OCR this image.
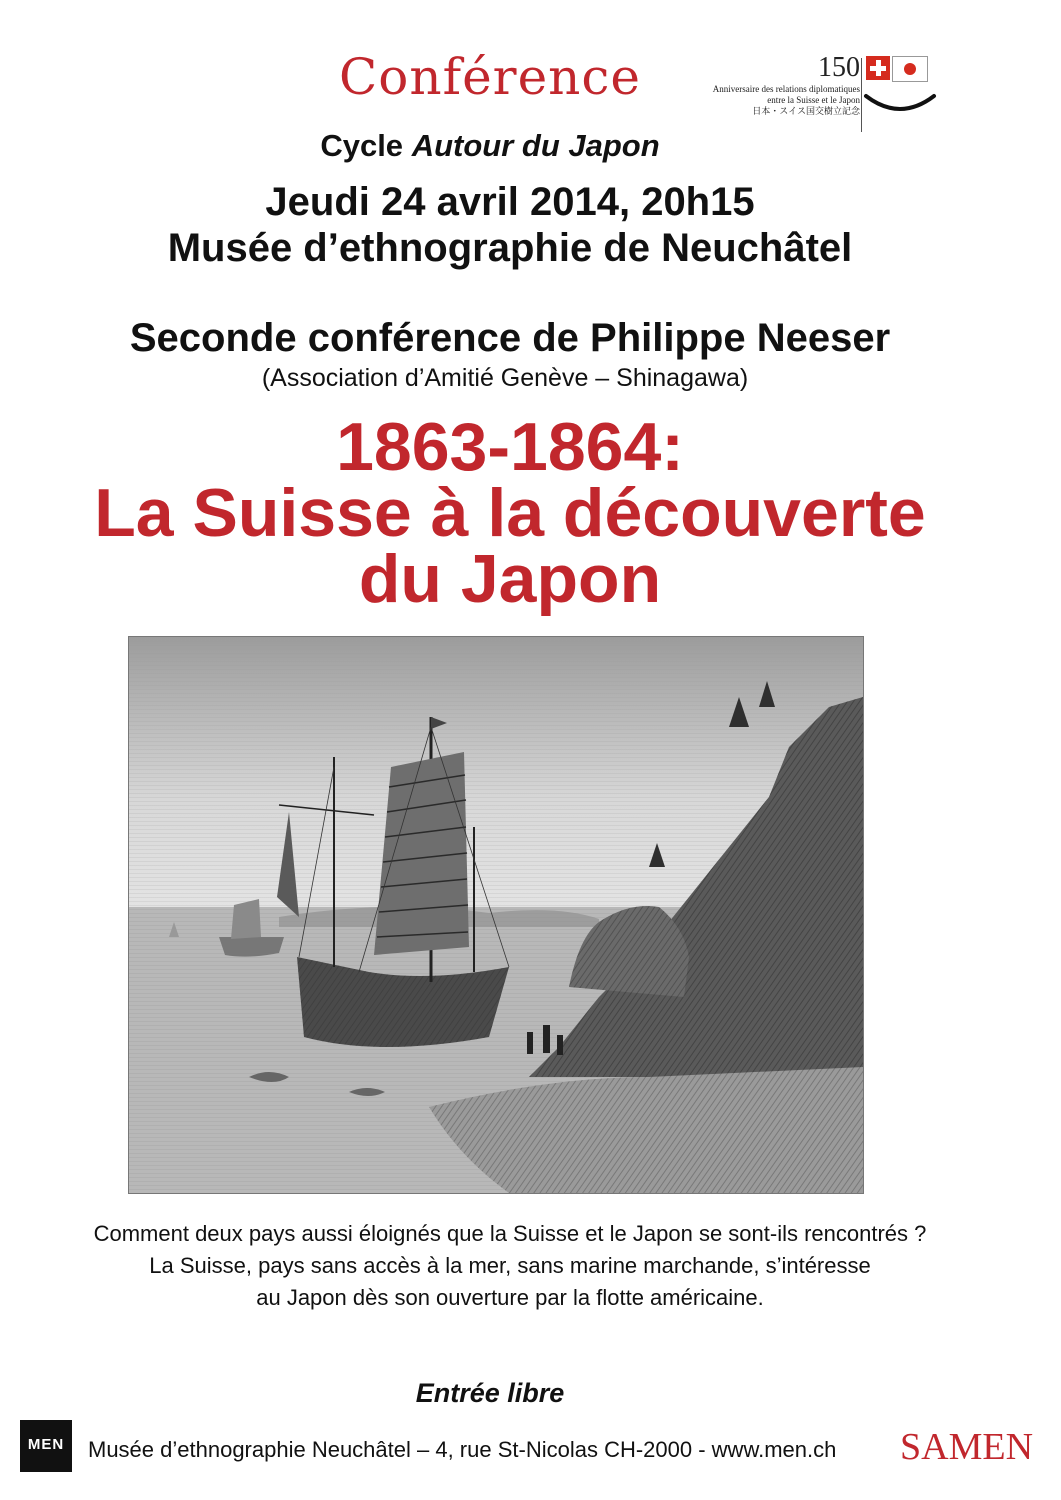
Conférence
Cycle Autour du Japon
Jeudi 24 avril 2014, 20h15
Musée d’ethnographie de Neuchâtel
150
Anniversaire des relations diplomatiques
entre la Suisse et le Japon
日本・スイス国交樹立記念
Seconde conférence de Philippe Neeser
(Association d’Amitié Genève – Shinagawa)
1863-1864:
La Suisse à la découverte
du Japon
Comment deux pays aussi éloignés que la Suisse et le Japon se sont-ils rencontrés ?
La Suisse, pays sans accès à la mer, sans marine marchande, s’intéresse
au Japon dès son ouverture par la flotte américaine.
Entrée libre
MEN	Musée d’ethnographie Neuchâtel – 4, rue St-Nicolas CH-2000 - www.men.ch	SAMEN
